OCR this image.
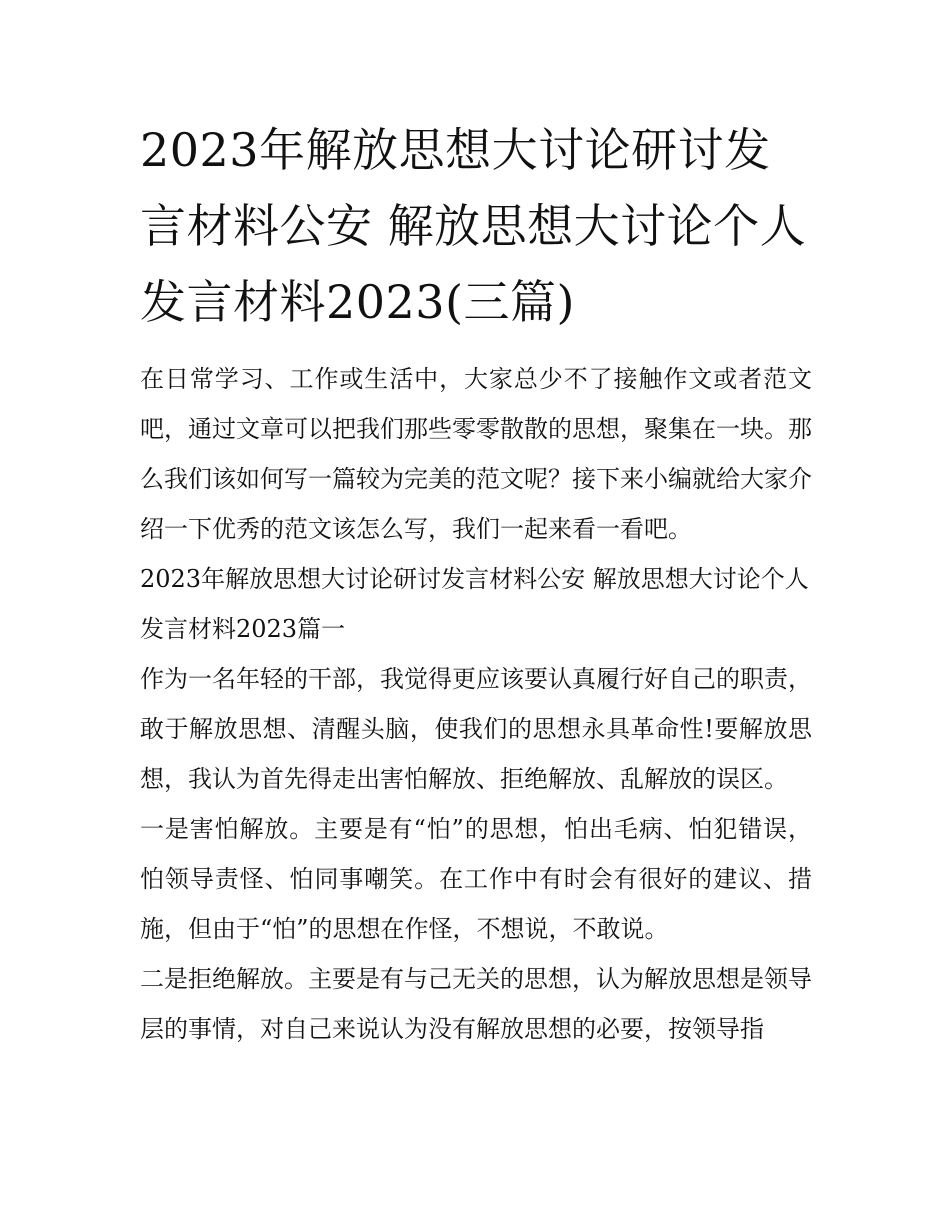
2023年解放思想大讨论研讨发言材料公安 解放思想大讨论个人发言材料2023(三篇)

在日常学习、工作或生活中，大家总少不了接触作文或者范文吧，通过文章可以把我们那些零零散散的思想，聚集在一块。那么我们该如何写一篇较为完美的范文呢？接下来小编就给大家介绍一下优秀的范文该怎么写，我们一起来看一看吧。

2023年解放思想大讨论研讨发言材料公安 解放思想大讨论个人发言材料2023篇一

作为一名年轻的干部，我觉得更应该要认真履行好自己的职责，敢于解放思想、清醒头脑，使我们的思想永具革命性!要解放思想，我认为首先得走出害怕解放、拒绝解放、乱解放的误区。

一是害怕解放。主要是有“怕”的思想，怕出毛病、怕犯错误，怕领导责怪、怕同事嘲笑。在工作中有时会有很好的建议、措施，但由于“怕”的思想在作怪，不想说，不敢说。

二是拒绝解放。主要是有与己无关的思想，认为解放思想是领导层的事情，对自己来说认为没有解放思想的必要，按领导指
